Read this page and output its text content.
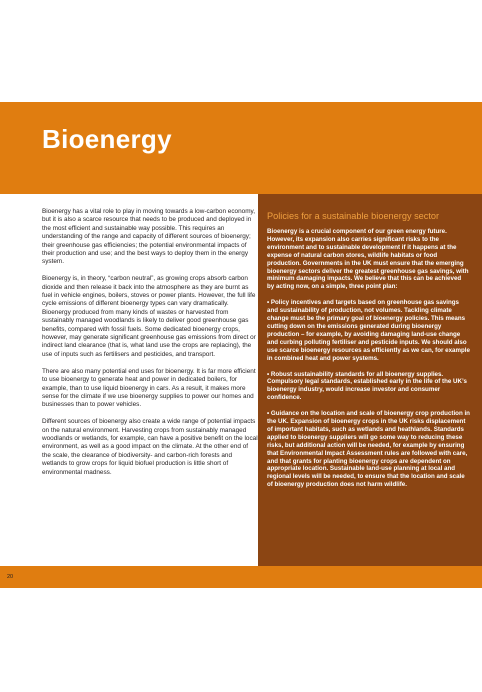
Bioenergy

Bioenergy has a vital role to play in moving towards a low-carbon economy, but it is also a scarce resource that needs to be produced and deployed in the most efficient and sustainable way possible. This requires an understanding of the range and capacity of different sources of bioenergy; their greenhouse gas efficiencies; the potential environmental impacts of their production and use; and the best ways to deploy them in the energy system.

Bioenergy is, in theory, “carbon neutral”, as growing crops absorb carbon dioxide and then release it back into the atmosphere as they are burnt as fuel in vehicle engines, boilers, stoves or power plants. However, the full life cycle emissions of different bioenergy types can vary dramatically. Bioenergy produced from many kinds of wastes or harvested from sustainably managed woodlands is likely to deliver good greenhouse gas benefits, compared with fossil fuels. Some dedicated bioenergy crops, however, may generate significant greenhouse gas emissions from direct or indirect land clearance (that is, what land use the crops are replacing), the use of inputs such as fertilisers and pesticides, and transport.

There are also many potential end uses for bioenergy. It is far more efficient to use bioenergy to generate heat and power in dedicated boilers, for example, than to use liquid bioenergy in cars. As a result, it makes more sense for the climate if we use bioenergy supplies to power our homes and businesses than to power vehicles.

Different sources of bioenergy also create a wide range of potential impacts on the natural environment. Harvesting crops from sustainably managed woodlands or wetlands, for example, can have a positive benefit on the local environment, as well as a good impact on the climate. At the other end of the scale, the clearance of biodiversity- and carbon-rich forests and wetlands to grow crops for liquid biofuel production is little short of environmental madness.

Policies for a sustainable bioenergy sector

Bioenergy is a crucial component of our green energy future. However, its expansion also carries significant risks to the environment and to sustainable development if it happens at the expense of natural carbon stores, wildlife habitats or food production. Governments in the UK must ensure that the emerging bioenergy sectors deliver the greatest greenhouse gas savings, with minimum damaging impacts. We believe that this can be achieved by acting now, on a simple, three point plan:

• Policy incentives and targets based on greenhouse gas savings and sustainability of production, not volumes. Tackling climate change must be the primary goal of bioenergy policies. This means cutting down on the emissions generated during bioenergy production – for example, by avoiding damaging land-use change and curbing polluting fertiliser and pesticide inputs. We should also use scarce bioenergy resources as efficiently as we can, for example in combined heat and power systems.

• Robust sustainability standards for all bioenergy supplies. Compulsory legal standards, established early in the life of the UK’s bioenergy industry, would increase investor and consumer confidence.

• Guidance on the location and scale of bioenergy crop production in the UK. Expansion of bioenergy crops in the UK risks displacement of important habitats, such as wetlands and heathlands. Standards applied to bioenergy suppliers will go some way to reducing these risks, but additional action will be needed, for example by ensuring that Environmental Impact Assessment rules are followed with care, and that grants for planting bioenergy crops are dependent on appropriate location. Sustainable land-use planning at local and regional levels will be needed, to ensure that the location and scale of bioenergy production does not harm wildlife.

20
